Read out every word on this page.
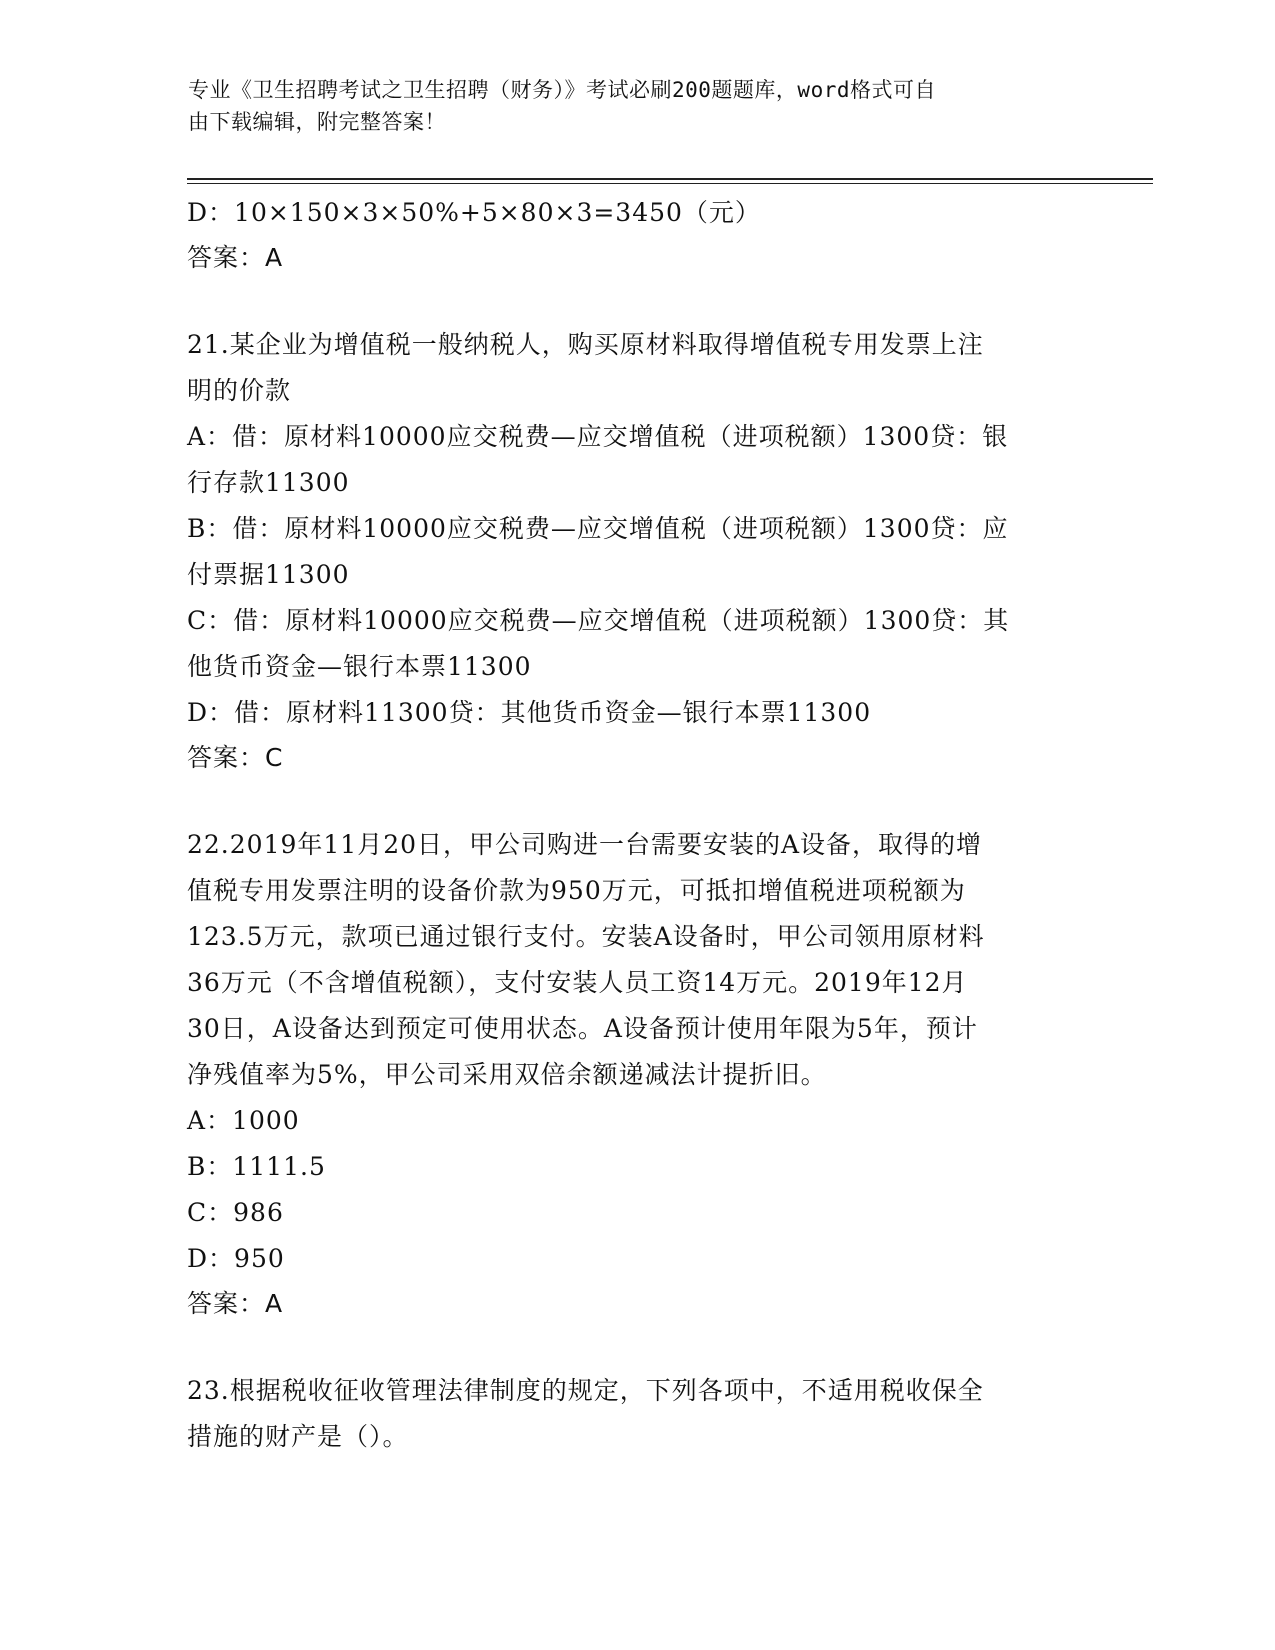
专业《卫生招聘考试之卫生招聘（财务）》考试必刷200题题库，word格式可自
由下载编辑，附完整答案！
D：10×150×3×50%+5×80×3=3450（元）
答案：A
21.某企业为增值税一般纳税人，购买原材料取得增值税专用发票上注
明的价款
A：借：原材料10000应交税费—应交增值税（进项税额）1300贷：银
行存款11300
B：借：原材料10000应交税费—应交增值税（进项税额）1300贷：应
付票据11300
C：借：原材料10000应交税费—应交增值税（进项税额）1300贷：其
他货币资金—银行本票11300
D：借：原材料11300贷：其他货币资金—银行本票11300
答案：C
22.2019年11月20日，甲公司购进一台需要安装的A设备，取得的增
值税专用发票注明的设备价款为950万元，可抵扣增值税进项税额为
123.5万元，款项已通过银行支付。安装A设备时，甲公司领用原材料
36万元（不含增值税额），支付安装人员工资14万元。2019年12月
30日，A设备达到预定可使用状态。A设备预计使用年限为5年，预计
净残值率为5%，甲公司采用双倍余额递减法计提折旧。
A：1000
B：1111.5
C：986
D：950
答案：A
23.根据税收征收管理法律制度的规定，下列各项中，不适用税收保全
措施的财产是（）。
